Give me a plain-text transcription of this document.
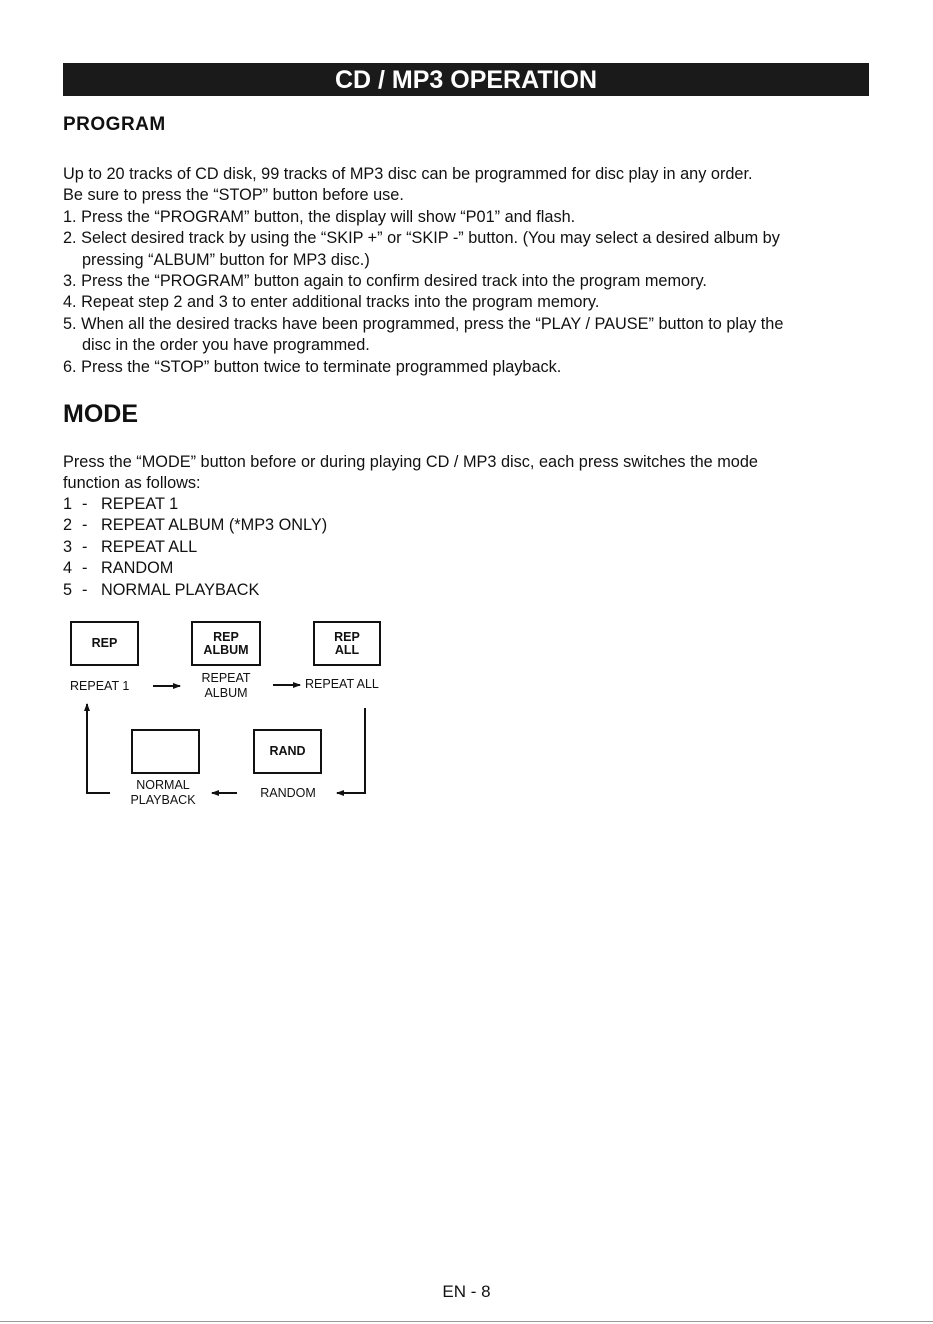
CD / MP3 OPERATION
PROGRAM
Up to 20 tracks of CD disk, 99 tracks of MP3 disc can be programmed for disc play in any order.
Be sure to press the “STOP” button before use.
1. Press the “PROGRAM” button, the display will show “P01” and flash.
2. Select desired track by using the “SKIP +” or “SKIP -” button. (You may select a desired album by
pressing “ALBUM” button for MP3 disc.)
3. Press the “PROGRAM” button again to confirm desired track into the program memory.
4. Repeat step 2 and 3 to enter additional tracks into the program memory.
5. When all the desired tracks have been programmed, press the “PLAY / PAUSE” button to play the
disc in the order you have programmed.
6. Press the “STOP” button twice to terminate programmed playback.
MODE
Press the “MODE” button before or during playing CD / MP3 disc, each press switches the mode
function as follows:
1 - REPEAT 1
2 - REPEAT ALBUM (*MP3 ONLY)
3 - REPEAT ALL
4 - RANDOM
5 - NORMAL PLAYBACK
REP	REP
ALBUM
REP
ALL
RAND
REPEAT 1
REPEAT
ALBUM
REPEAT ALL
NORMAL
PLAYBACK	RANDOM
EN - 8
